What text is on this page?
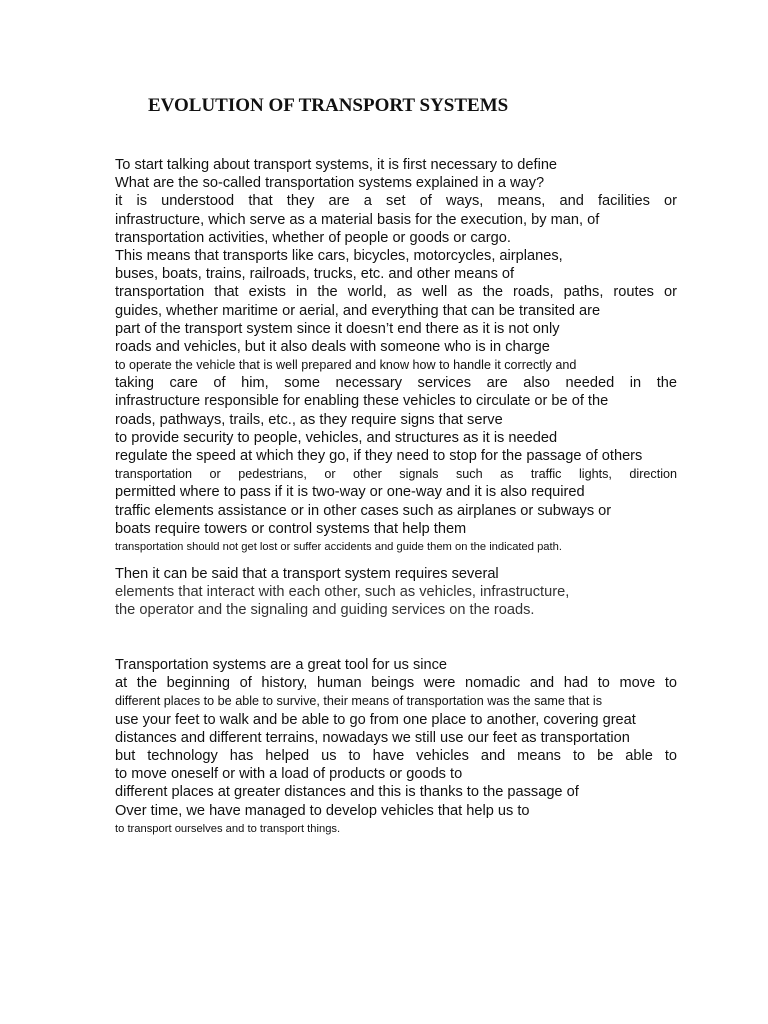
EVOLUTION OF TRANSPORT SYSTEMS
To start talking about transport systems, it is first necessary to define
What are the so-called transportation systems explained in a way?
it is understood that they are a set of ways, means, and facilities or
infrastructure, which serve as a material basis for the execution, by man, of
transportation activities, whether of people or goods or cargo.
This means that transports like cars, bicycles, motorcycles, airplanes,
buses, boats, trains, railroads, trucks, etc. and other means of
transportation that exists in the world, as well as the roads, paths, routes or
guides, whether maritime or aerial, and everything that can be transited are
part of the transport system since it doesn’t end there as it is not only
roads and vehicles, but it also deals with someone who is in charge
to operate the vehicle that is well prepared and know how to handle it correctly and
taking care of him, some necessary services are also needed in the
infrastructure responsible for enabling these vehicles to circulate or be of the
roads, pathways, trails, etc., as they require signs that serve
to provide security to people, vehicles, and structures as it is needed
regulate the speed at which they go, if they need to stop for the passage of others
transportation or pedestrians, or other signals such as traffic lights, direction
permitted where to pass if it is two-way or one-way and it is also required
traffic elements assistance or in other cases such as airplanes or subways or
boats require towers or control systems that help them
transportation should not get lost or suffer accidents and guide them on the indicated path.
Then it can be said that a transport system requires several
elements that interact with each other, such as vehicles, infrastructure,
the operator and the signaling and guiding services on the roads.
Transportation systems are a great tool for us since
at the beginning of history, human beings were nomadic and had to move to
different places to be able to survive, their means of transportation was the same that is
use your feet to walk and be able to go from one place to another, covering great
distances and different terrains, nowadays we still use our feet as transportation
but technology has helped us to have vehicles and means to be able to
to move oneself or with a load of products or goods to
different places at greater distances and this is thanks to the passage of
Over time, we have managed to develop vehicles that help us to
to transport ourselves and to transport things.
